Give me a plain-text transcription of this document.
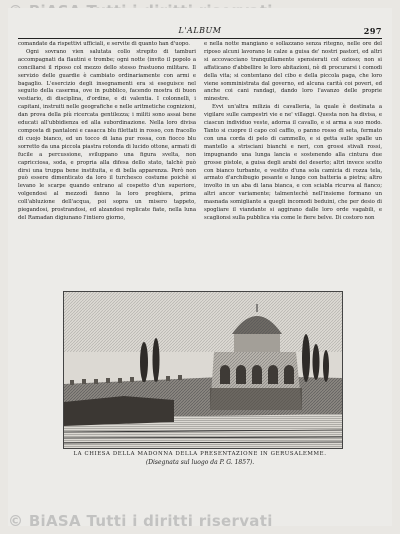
L'ALBUM	297

comandate da rispettivi ufficiali, e servite di quanto han d'uopo.

Ogni sovrano vien salutata collo strepito di tamburi accompagnati da flautini e trombe; ogni notte (invito il popolo a conciliarsi il riposo col mezzo dello stesso frastuono militare. Il servizio delle guardie è cambiato ordinariamente con armi e bagaglio. L'esercizio degli insegnamenti era si eseguisce nel seguito della caserma, ove in pubblico, facendo mostra di buon vestiario, di disciplina, d'ordine, e di valentia. I colonnelli, i capitani, instruiti nelle geografiche e nelle aritmetiche cognizioni, dan prova della più ricercata gentilezza; i militi sono assai bene educati all'ubbidienza ed alla subordinazione. Nella loro divisa composta di pantaloni e casacca blu filettati in rosso, con fracollo di cuojo bianco, ed un tocco di lana pur rossa, con fiocco blu sorretto da una piccola piastra rotonda di lucido ottone, armati di fucile a percussione, sviluppano una figura svelta, non capricciosa, soda, e propria alla difesa dello stato, talchè può dirsi una truppa bene instituita, e di bella apparenza. Però non può essere dimenticato da loro il turchesco costume poichè si levano le scarpe quando entrano al cospetto d'un superiore, volgendosi al mezzodì fanno la loro preghiera, prima coll'abluzione dell'acqua, poi sopra un misero tappeto, piegandosi, prostrandosi, ed alzandosi replicate fiate, nella luna del Ramadan digiunano l'intiero giorno,

e nella notte mangiano e sollazzano senza ritegno, nelle ore del riposo alcuni lavorano le calze a guisa de' nostri pastori, ed altri si accovacciano tranquillamente spensierati col ozioso; non si affaticano d'abbellire le loro abitazioni, nè di procurarsi i comodi della vita; si contentano del cibo e della piccola paga, che loro viene somministrata dal governo, ed alcuna carità coi poveri, ed anche coi cani randagi, dando loro l'avanzo delle proprie minestre.

Evvi un'altra milizia di cavalleria, la quale è destinata a vigilare sulle campestri vie e ne' villaggi. Questa non ha divisa, e ciascun individuo veste, adorna il cavallo, e si arma a suo modo. Tanto si cuopre il capo col caffio, o panno rosso di seta, fermato con una corda di pelo di cammello, e si getta sulle spalle un mantello a strisciani bianchi e neri, con grossi stivali rossi, impugnando una lunga lancia e sostenendo alla cintura due grosse pistole, a guisa degli arabi del deserto; altri invece scelto con bianco turbante, e vestito d'una sola camicia di rozza tela, armato d'archibugio pesante e lungo con batteria a pietra; altro involto in un aba di lana bianca, e con sciabla ricurva al fianco; altri ancor variamente; talmentechè nell'insieme formano un masnada somigliante a quegli incomodi beduini, che per desio di spogliare il viandante si aggirano dalle loro orde vagabili, e scaglionsi sulla pubblica via come le fiere belve. Di costoro non

LA CHIESA DELLA MADONNA DELLA PRESENTAZIONE IN GERUSALEMME.
(Disegnata sul luogo da P. G. 1857).
© BiASA Tutti i diritti riservati
